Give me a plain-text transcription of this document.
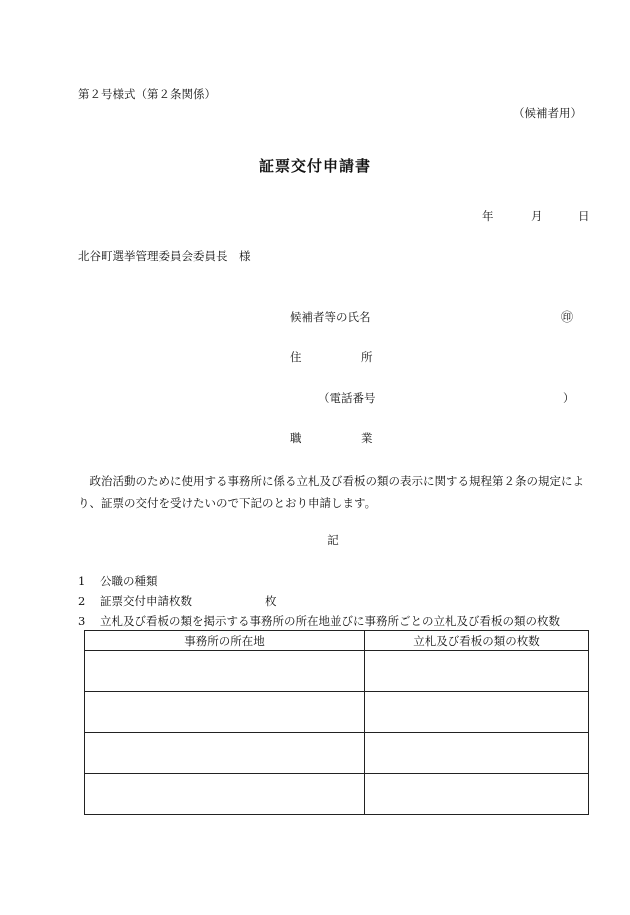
第２号様式（第２条関係）
（候補者用）
証票交付申請書
年	月	日
北谷町選挙管理委員会委員長　様
候補者等の氏名	㊞
住	所
（電話番号	）
職	業
政治活動のために使用する事務所に係る立札及び看板の類の表示に関する規程第２条の規定により、証票の交付を受けたいので下記のとおり申請します。
記
1 公職の種類
2 証票交付申請枚数	枚
3 立札及び看板の類を掲示する事務所の所在地並びに事務所ごとの立札及び看板の類の枚数
事務所の所在地	立札及び看板の類の枚数
